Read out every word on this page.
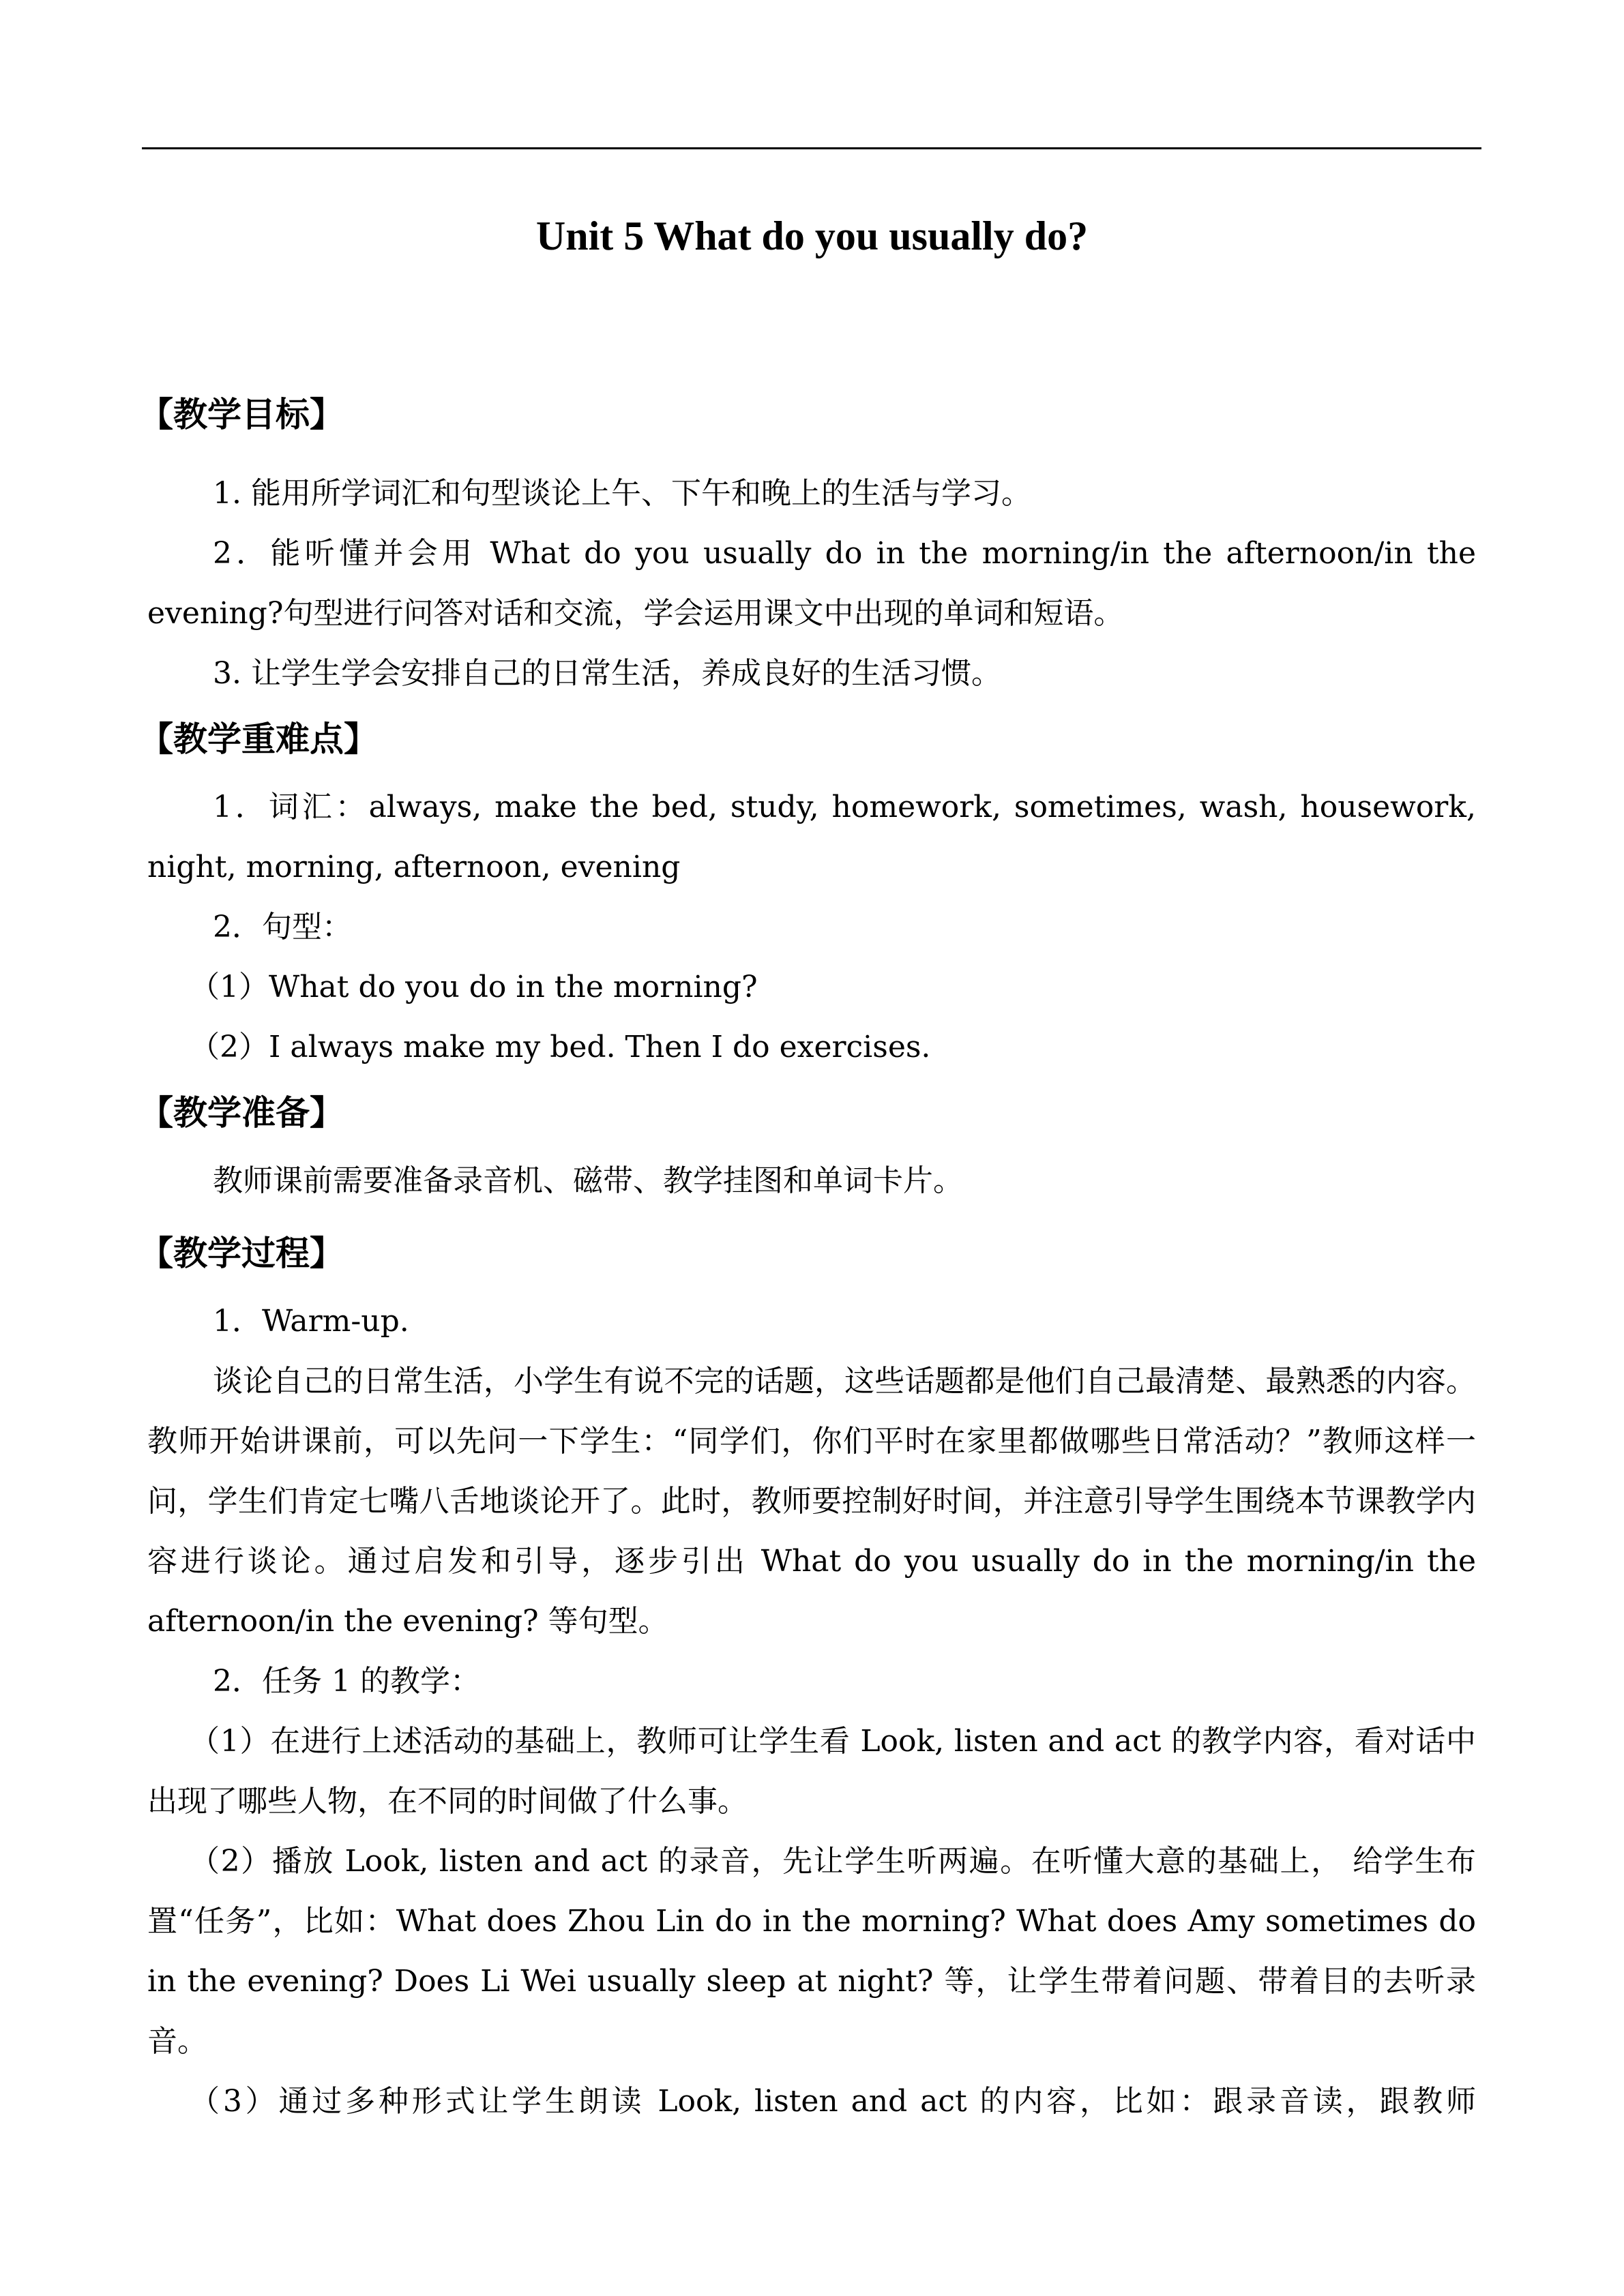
Unit 5 What do you usually do?
【教学目标】

1. 能用所学词汇和句型谈论上午、下午和晚上的生活与学习。

2．能听懂并会用 What do you usually do in the morning/in the afternoon/in the evening?句型进行问答对话和交流，学会运用课文中出现的单词和短语。

3. 让学生学会安排自己的日常生活，养成良好的生活习惯。

【教学重难点】

1．词汇：always, make the bed, study, homework, sometimes, wash, housework, night, morning, afternoon, evening

2．句型：

（1）What do you do in the morning?

（2）I always make my bed. Then I do exercises.

【教学准备】

教师课前需要准备录音机、磁带、教学挂图和单词卡片。

【教学过程】

1．Warm-up.

谈论自己的日常生活，小学生有说不完的话题，这些话题都是他们自己最清楚、最熟悉的内容。教师开始讲课前，可以先问一下学生：“同学们，你们平时在家里都做哪些日常活动？”教师这样一问，学生们肯定七嘴八舌地谈论开了。此时，教师要控制好时间，并注意引导学生围绕本节课教学内容进行谈论。通过启发和引导，逐步引出 What do you usually do in the morning/in the afternoon/in the evening? 等句型。

2．任务 1 的教学：

（1）在进行上述活动的基础上，教师可让学生看 Look, listen and act 的教学内容，看对话中出现了哪些人物，在不同的时间做了什么事。

（2）播放 Look, listen and act 的录音，先让学生听两遍。在听懂大意的基础上， 给学生布置“任务”，比如：What does Zhou Lin do in the morning? What does Amy sometimes do in the evening? Does Li Wei usually sleep at night? 等，让学生带着问题、带着目的去听录音。

（3）通过多种形式让学生朗读 Look, listen and act 的内容，比如：跟录音读，跟教师
